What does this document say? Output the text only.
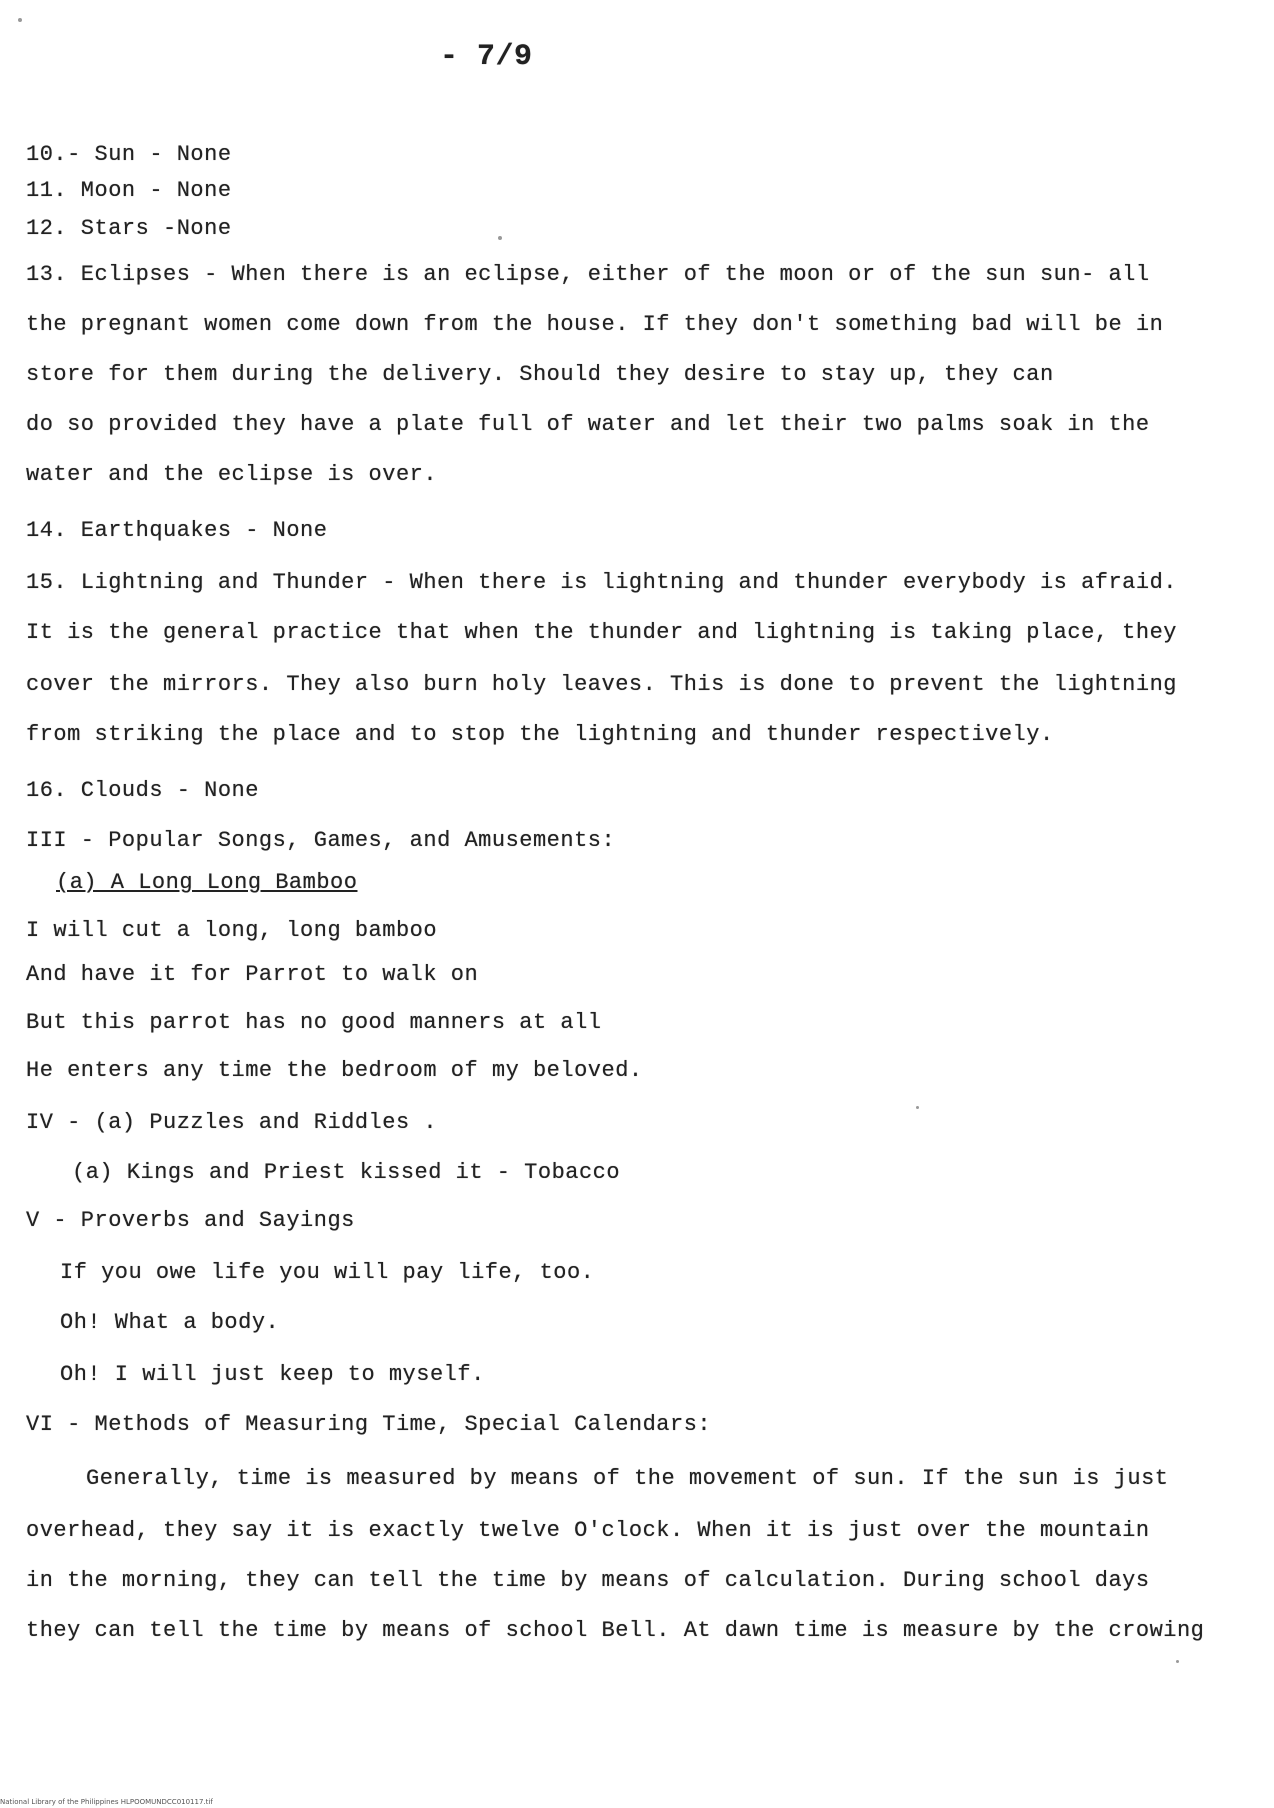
- 7/9
10.- Sun - None
11. Moon - None
12. Stars -None
13. Eclipses - When there is an eclipse, either of the moon or of the sun sun- all
the pregnant women come down from the house. If they don't something bad will be in
store for them during the delivery. Should they desire to stay up, they can
do so provided they have a plate full of water and let their two palms soak in the
water and the eclipse is over.
14. Earthquakes - None
15. Lightning and Thunder - When there is lightning and thunder everybody is afraid.
It is the general practice that when the thunder and lightning is taking place, they
cover the mirrors. They also burn holy leaves. This is done to prevent the lightning
from striking the place and to stop the lightning and thunder respectively.
16. Clouds - None
III - Popular Songs, Games, and Amusements:
(a) A Long Long Bamboo
I will cut a long, long bamboo
And have it for Parrot to walk on
But this parrot has no good manners at all
He enters any time the bedroom of my beloved.
IV - (a) Puzzles and Riddles .
(a) Kings and Priest kissed it - Tobacco
V - Proverbs and Sayings
If you owe life you will pay life, too.
Oh! What a body.
Oh! I will just keep to myself.
VI - Methods of Measuring Time, Special Calendars:
Generally, time is measured by means of the movement of sun. If the sun is just
overhead, they say it is exactly twelve O'clock. When it is just over the mountain
in the morning, they can tell the time by means of calculation. During school days
they can tell the time by means of school Bell. At dawn time is measure by the crowing
National Library of the Philippines HLPOOMUNDCC010117.tif
